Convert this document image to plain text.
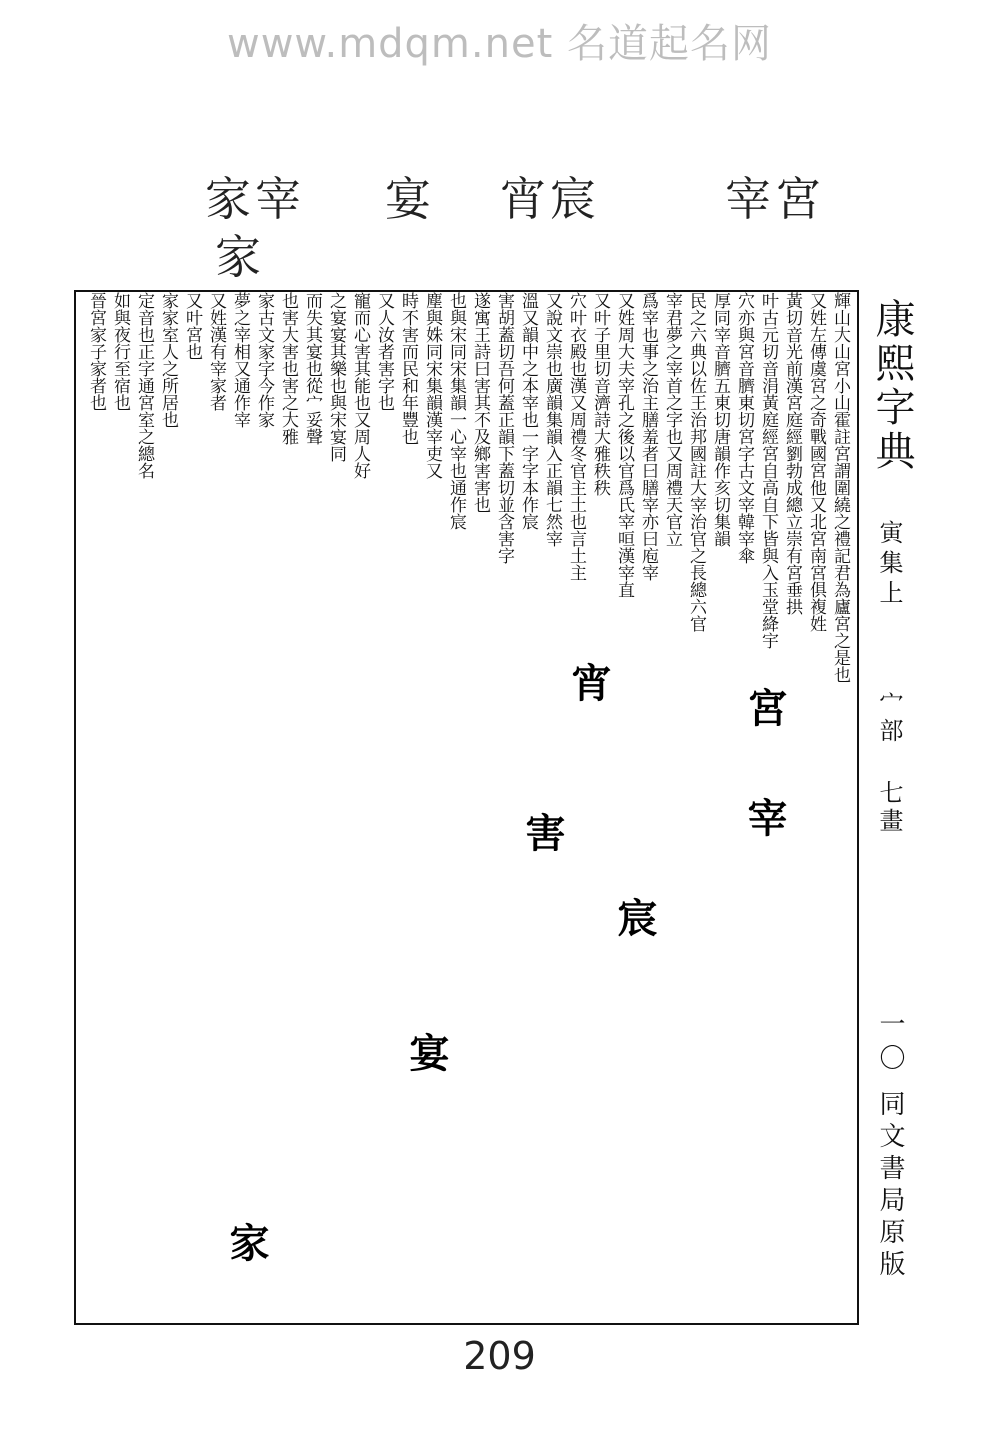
www.mdqm.net 名道起名网
家 宰
家
宴 宵 宸	宰 宮
輝山大山宮小山霍註宮謂圍繞之禮記君為廬宮之是也
又姓左傳虞宮之奇戰國宮他又北宮南宮俱複姓
黃切音光前漢宮庭經劉勃成總立崇有宮垂拱
叶古元切音涓黃庭經宮自高自下皆與入玉堂絳宇
穴亦與宮音臍東切宮字古文宰韓宰傘
厚同宰音臍五東切唐韻作亥切集韻
民之六典以佐王治邦國註大宰治官之長總六官
宰君夢之宰首之字也又周禮天官立
爲宰也事之治主膳羞者曰膳宰亦曰庖宰
又姓周大夫宰孔之後以官爲氏宰咺漢宰直
又叶子里切音濟詩大雅秩秩
穴叶衣殿也漢又周禮冬官主土也言土主
又說文崇也廣韻集韻入正韻七然宰
溫又韻中之本宰也一字字本作宸
害胡蓋切吾何蓋正韻下蓋切並含害字
遂寓王詩曰害其不及鄉害害也
也與宋同宋集韻一心宰也通作宸
塵與姝同宋集韻漢宰吏又
時不害而民和年豐也
又人汝者害字也
寵而心害其能也又周人好
之宴宴其樂也與宋宴同
而失其宴也從宀妥聲
也害大害也害之大雅
家古文家字今作家
夢之宰相又通作宰
又姓漢有宰家者
又叶宮也
家家室人之所居也
定音也正字通宮室之總名
如與夜行至宿也
晉宮家子家者也
宮
宰
宵
害
宸
宴
家
康熙字典
寅集上
宀部
七畫
一〇
同文書局原版
209
